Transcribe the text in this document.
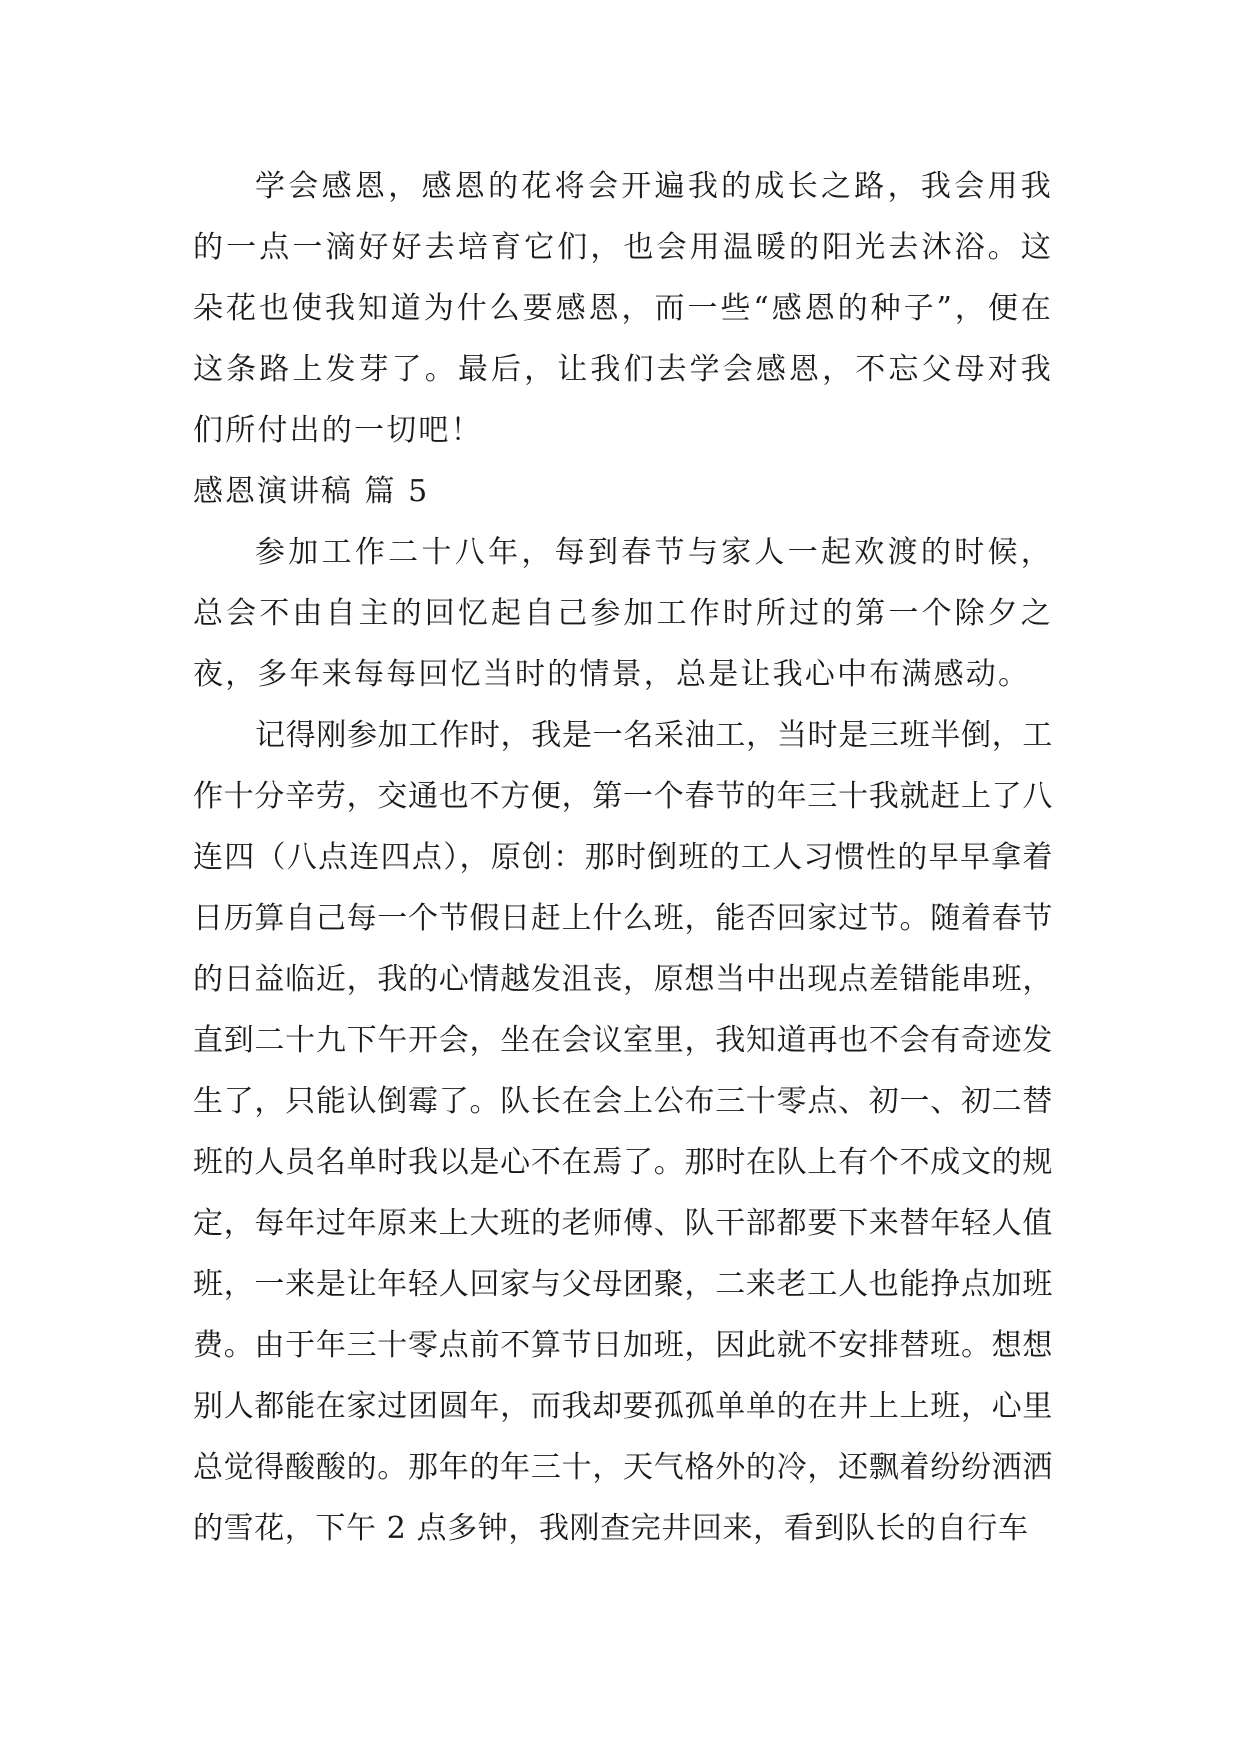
学会感恩，感恩的花将会开遍我的成长之路，我会用我的一点一滴好好去培育它们，也会用温暖的阳光去沐浴。这朵花也使我知道为什么要感恩，而一些“感恩的种子”，便在这条路上发芽了。最后，让我们去学会感恩，不忘父母对我们所付出的一切吧！

感恩演讲稿 篇 5

参加工作二十八年，每到春节与家人一起欢渡的时候，总会不由自主的回忆起自己参加工作时所过的第一个除夕之夜，多年来每每回忆当时的情景，总是让我心中布满感动。

记得刚参加工作时，我是一名采油工，当时是三班半倒，工作十分辛劳，交通也不方便，第一个春节的年三十我就赶上了八连四（八点连四点），原创：那时倒班的工人习惯性的早早拿着日历算自己每一个节假日赶上什么班，能否回家过节。随着春节的日益临近，我的心情越发沮丧，原想当中出现点差错能串班，直到二十九下午开会，坐在会议室里，我知道再也不会有奇迹发生了，只能认倒霉了。队长在会上公布三十零点、初一、初二替班的人员名单时我以是心不在焉了。那时在队上有个不成文的规定，每年过年原来上大班的老师傅、队干部都要下来替年轻人值班，一来是让年轻人回家与父母团聚，二来老工人也能挣点加班费。由于年三十零点前不算节日加班，因此就不安排替班。想想别人都能在家过团圆年，而我却要孤孤单单的在井上上班，心里总觉得酸酸的。那年的年三十，天气格外的冷，还飘着纷纷洒洒的雪花，下午 2 点多钟，我刚查完井回来，看到队长的自行车
